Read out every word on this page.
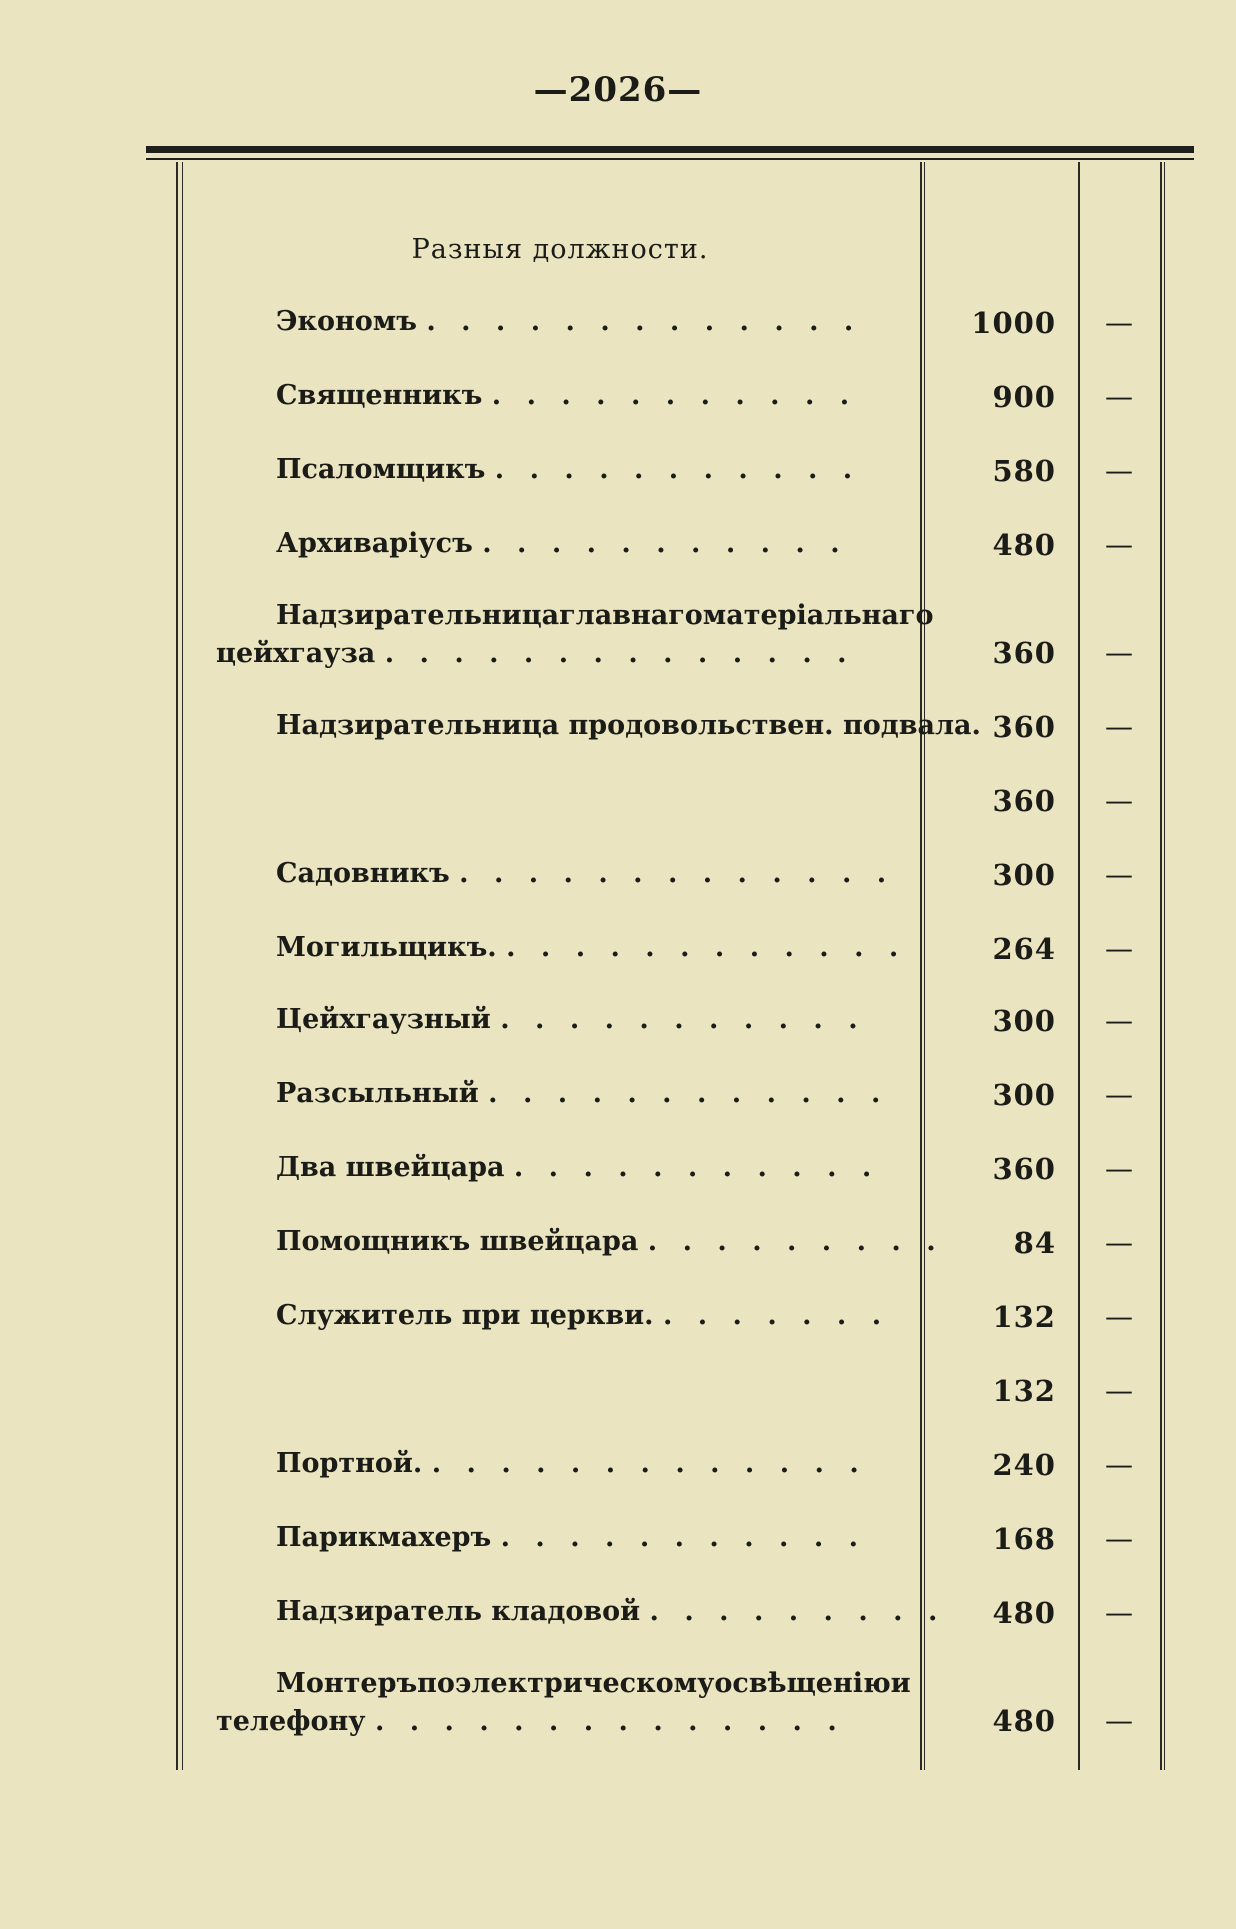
—2026—
Разныя должности.
Экономъ . . . . . . . . . . . . .	1000	—
Священникъ . . . . . . . . . . .	900	—
Псаломщикъ . . . . . . . . . . .	580	—
Архиваріусъ . . . . . . . . . . .	480	—
Надзирательница главнаго матеріальнаго
цейхгауза . . . . . . . . . . . . . .	360	—
Надзирательница продовольствен. подвала. 360	—
360	—
Садовникъ . . . . . . . . . . . . .	300	—
Могильщикъ. . . . . . . . . . . . .	264	—
Цейхгаузный . . . . . . . . . . .	300	—
Разсыльный . . . . . . . . . . . .	300	—
Два швейцара . . . . . . . . . . .	360	—
Помощникъ швейцара . . . . . . . . .	84	—
Служитель при церкви. . . . . . . .	132	—
132	—
Портной. . . . . . . . . . . . . .	240	—
Парикмахеръ . . . . . . . . . . .	168	—
Надзиратель кладовой . . . . . . . . .	480	—
Монтеръ по электрическому освѣщенію и
телефону . . . . . . . . . . . . . .	480	—
